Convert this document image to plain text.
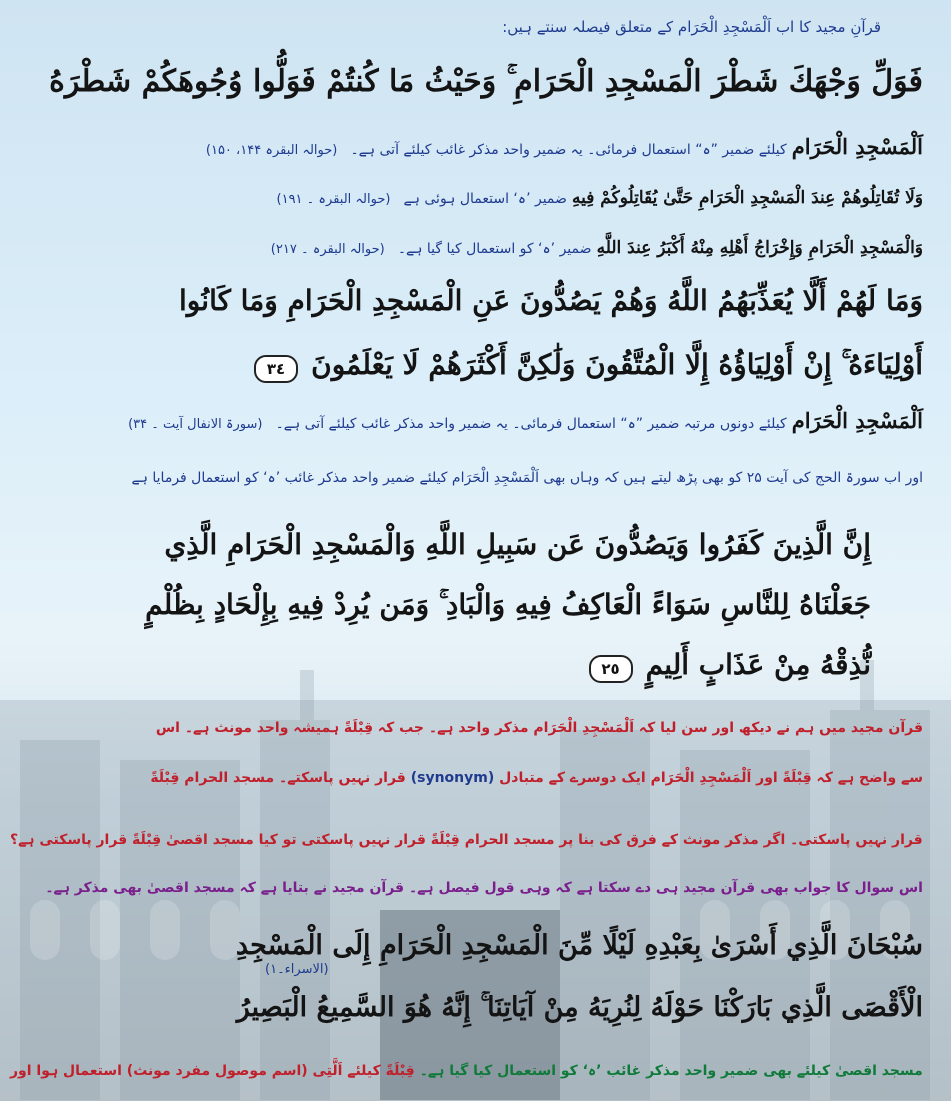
قرآنِ مجید کا اب اَلْمَسْجِدِ الْحَرَام کے متعلق فیصلہ سنتے ہیں:
فَوَلِّ وَجْهَكَ شَطْرَ الْمَسْجِدِ الْحَرَامِ ۚ وَحَيْثُ مَا كُنتُمْ فَوَلُّوا وُجُوهَكُمْ شَطْرَهُ
اَلْمَسْجِدِ الْحَرَام کیلئے ضمیر ”ہ“ استعمال فرمائی۔ یہ ضمیر واحد مذکر غائب کیلئے آتی ہے۔ (حوالہ البقرہ ۱۴۴، ۱۵۰)
وَلَا تُقَاتِلُوهُمْ عِندَ الْمَسْجِدِ الْحَرَامِ حَتَّىٰ يُقَاتِلُوكُمْ فِيهِ ضمیر ’ہ‘ استعمال ہوئی ہے (حوالہ البقرہ ۔ ۱۹۱)
وَالْمَسْجِدِ الْحَرَامِ وَإِخْرَاجُ أَهْلِهِ مِنْهُ أَكْبَرُ عِندَ اللَّهِ ضمیر ’ہ‘ کو استعمال کیا گیا ہے۔ (حوالہ البقرہ ۔ ۲۱۷)
وَمَا لَهُمْ أَلَّا يُعَذِّبَهُمُ اللَّهُ وَهُمْ يَصُدُّونَ عَنِ الْمَسْجِدِ الْحَرَامِ وَمَا كَانُوا
أَوْلِيَاءَهُ ۚ إِنْ أَوْلِيَاؤُهُ إِلَّا الْمُتَّقُونَ وَلَٰكِنَّ أَكْثَرَهُمْ لَا يَعْلَمُونَ ٣٤
اَلْمَسْجِدِ الْحَرَام کیلئے دونوں مرتبہ ضمیر ”ہ“ استعمال فرمائی۔ یہ ضمیر واحد مذکر غائب کیلئے آتی ہے۔ (سورۃ الانفال آیت ۔ ۳۴)
اور اب سورۃ الحج کی آیت ۲۵ کو بھی پڑھ لیتے ہیں کہ وہاں بھی اَلْمَسْجِدِ الْحَرَام کیلئے ضمیر واحد مذکر غائب ’ہ‘ کو استعمال فرمایا ہے
إِنَّ الَّذِينَ كَفَرُوا وَيَصُدُّونَ عَن سَبِيلِ اللَّهِ وَالْمَسْجِدِ الْحَرَامِ الَّذِي
جَعَلْنَاهُ لِلنَّاسِ سَوَاءً الْعَاكِفُ فِيهِ وَالْبَادِ ۚ وَمَن يُرِدْ فِيهِ بِإِلْحَادٍ بِظُلْمٍ
نُّذِقْهُ مِنْ عَذَابٍ أَلِيمٍ ٢٥
قرآن مجید میں ہم نے دیکھ اور سن لیا کہ اَلْمَسْجِدِ الْحَرَام مذکر واحد ہے۔ جب کہ قِبْلَةً ہمیشہ واحد مونث ہے۔ اس
سے واضح ہے کہ قِبْلَةً اور اَلْمَسْجِدِ الْحَرَام ایک دوسرے کے متبادل (synonym) قرار نہیں پاسکتے۔ مسجد الحرام قِبْلَةً
قرار نہیں پاسکتی۔ اگر مذکر مونث کے فرق کی بنا پر مسجد الحرام قِبْلَةً قرار نہیں پاسکتی تو کیا مسجد اقصیٰ قِبْلَةً قرار پاسکتی ہے؟
اس سوال کا جواب بھی قرآن مجید ہی دے سکتا ہے کہ وہی قول فیصل ہے۔ قرآن مجید نے بتایا ہے کہ مسجد اقصیٰ بھی مذکر ہے۔
سُبْحَانَ الَّذِي أَسْرَىٰ بِعَبْدِهِ لَيْلًا مِّنَ الْمَسْجِدِ الْحَرَامِ إِلَى الْمَسْجِدِ
(الاسراء۔۱)
الْأَقْصَى الَّذِي بَارَكْنَا حَوْلَهُ لِنُرِيَهُ مِنْ آيَاتِنَا ۚ إِنَّهُ هُوَ السَّمِيعُ الْبَصِيرُ
مسجد اقصیٰ کیلئے بھی ضمیر واحد مذکر غائب ’ہ‘ کو استعمال کیا گیا ہے۔ قِبْلَةً کیلئے اَلَّتِی (اسم موصول مفرد مونث) استعمال ہوا اور
